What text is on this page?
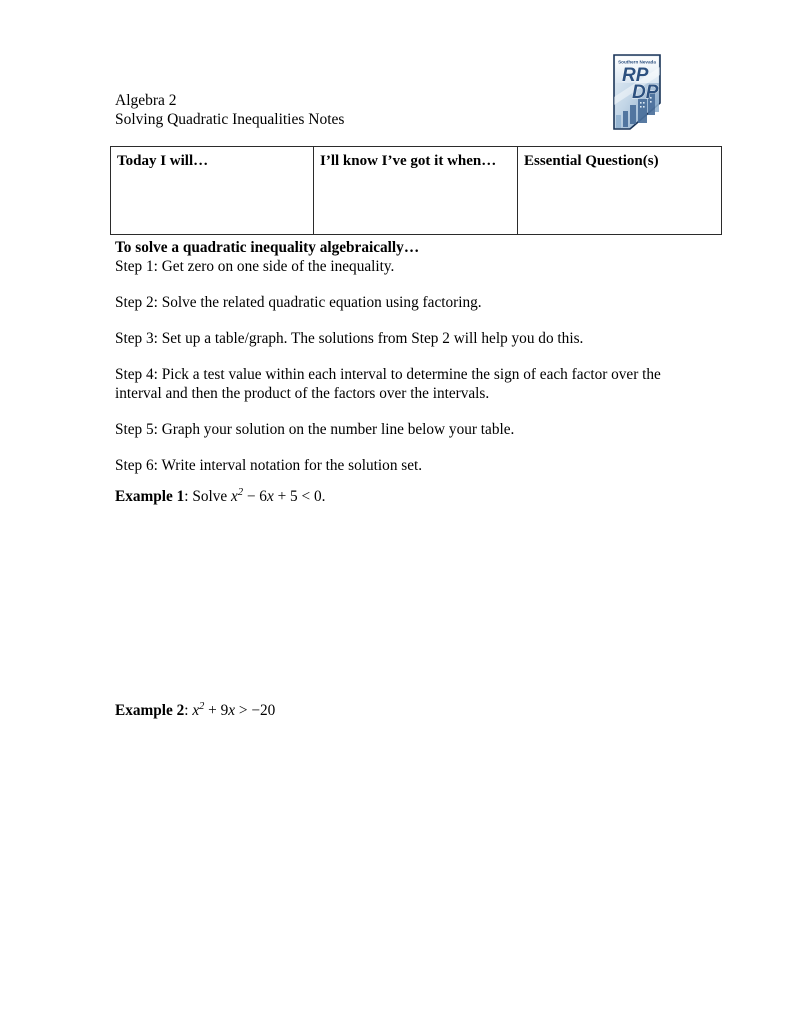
Southern Nevada
RP
DP
Algebra 2
Solving Quadratic Inequalities Notes
Today I will…	I’ll know I’ve got it when…	Essential Question(s)

To solve a quadratic inequality algebraically…

Step 1: Get zero on one side of the inequality.

Step 2: Solve the related quadratic equation using factoring.

Step 3: Set up a table/graph. The solutions from Step 2 will help you do this.

Step 4: Pick a test value within each interval to determine the sign of each factor over the interval and then the product of the factors over the intervals.

Step 5: Graph your solution on the number line below your table.

Step 6: Write interval notation for the solution set.

Example 1: Solve $x^2 - 6x + 5 < 0$.
Example 2: $x^2 + 9x > -20$
